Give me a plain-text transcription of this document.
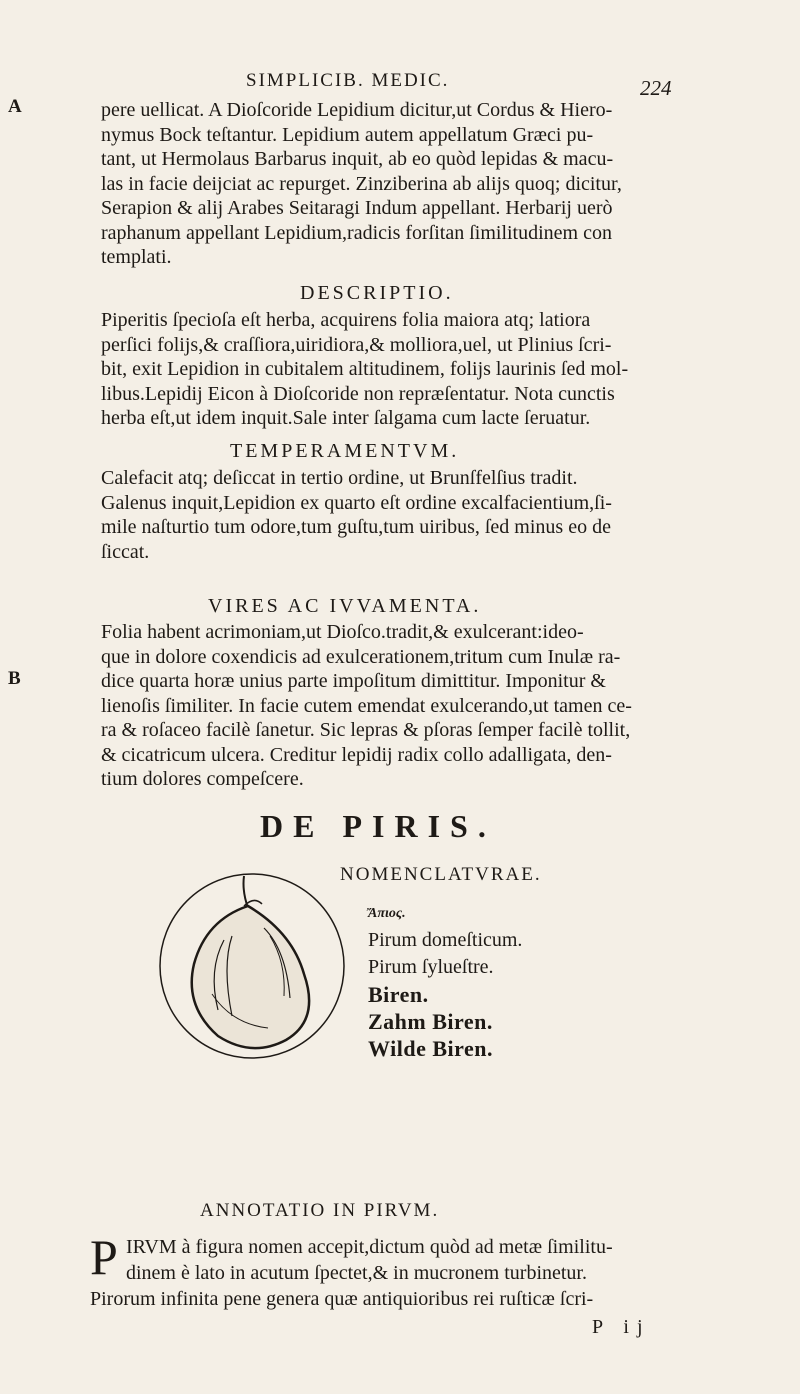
A
B
SIMPLICIB. MEDIC.	224
pere uellicat. A Dioſcoride Lepidium dicitur,ut Cordus & Hiero-
nymus Bock teſtantur. Lepidium autem appellatum Græci pu-
tant, ut Hermolaus Barbarus inquit, ab eo quòd lepidas & macu-
las in facie deijciat ac repurget. Zinziberina ab alijs quoq; dicitur,
Serapion & alij Arabes Seitaragi Indum appellant. Herbarij uerò
raphanum appellant Lepidium,radicis forſitan ſimilitudinem con
templati.
DESCRIPTIO.
Piperitis ſpecioſa eſt herba, acquirens folia maiora atq; latiora
perſici folijs,& craſſiora,uiridiora,& molliora,uel, ut Plinius ſcri-
bit, exit Lepidion in cubitalem altitudinem, folijs laurinis ſed mol-
libus.Lepidij Eicon à Dioſcoride non repræſentatur. Nota cunctis
herba eſt,ut idem inquit.Sale inter ſalgama cum lacte ſeruatur.
TEMPERAMENTVM.
Calefacit atq; deſiccat in tertio ordine, ut Brunſfelſius tradit.
Galenus inquit,Lepidion ex quarto eſt ordine excalfacientium,ſi-
mile naſturtio tum odore,tum guſtu,tum uiribus, ſed minus eo de
ſiccat.
VIRES AC IVVAMENTA.
Folia habent acrimoniam,ut Dioſco.tradit,& exulcerant:ideo-
que in dolore coxendicis ad exulcerationem,tritum cum Inulæ ra-
dice quarta horæ unius parte impoſitum dimittitur. Imponitur &
lienoſis ſimiliter. In facie cutem emendat exulcerando,ut tamen ce-
ra & roſaceo facilè ſanetur. Sic lepras & pſoras ſemper facilè tollit,
& cicatricum ulcera. Creditur lepidij radix collo adalligata, den-
tium dolores compeſcere.
DE PIRIS.
NOMENCLATVRAE.
Ἄπιος.
Pirum domeſticum.
Pirum ſylueſtre.
Biren.
Zahm Biren.
Wilde Biren.
ANNOTATIO IN PIRVM.
P IRVM à figura nomen accepit,dictum quòd ad metæ ſimilitu-
dinem è lato in acutum ſpectet,& in mucronem turbinetur.
Pirorum infinita pene genera quæ antiquioribus rei ruſticæ ſcri-
P ij
